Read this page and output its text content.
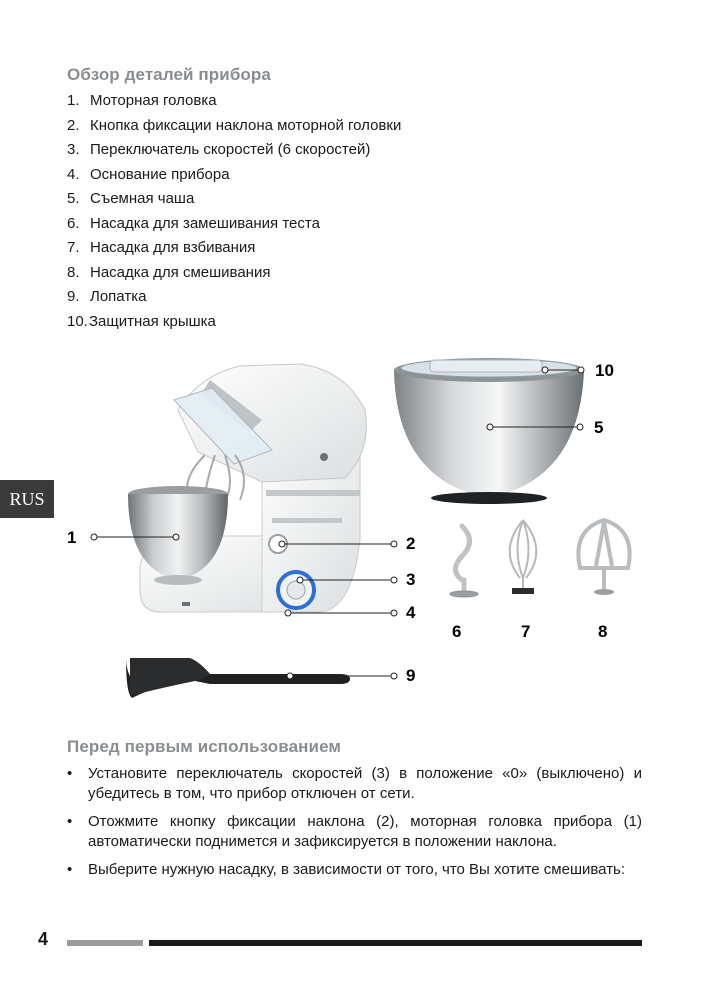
Обзор деталей прибора
1. Моторная головка
2. Кнопка фиксации наклона моторной головки
3. Переключатель скоростей (6 скоростей)
4. Основание прибора
5. Съемная чаша
6. Насадка для замешивания теста
7. Насадка для взбивания
8. Насадка для смешивания
9. Лопатка
10.Защитная крышка
RUS
1	2
3
4
5
6	7	8
9
10
Перед первым использованием
• Установите переключатель скоростей (3) в положение «0» (выключено) и убедитесь в том, что прибор отключен от сети.
• Отожмите кнопку фиксации наклона (2), моторная головка прибора (1) автоматически поднимется и зафиксируется в положении наклона.
• Выберите нужную насадку, в зависимости от того, что Вы хотите смешивать:
4
